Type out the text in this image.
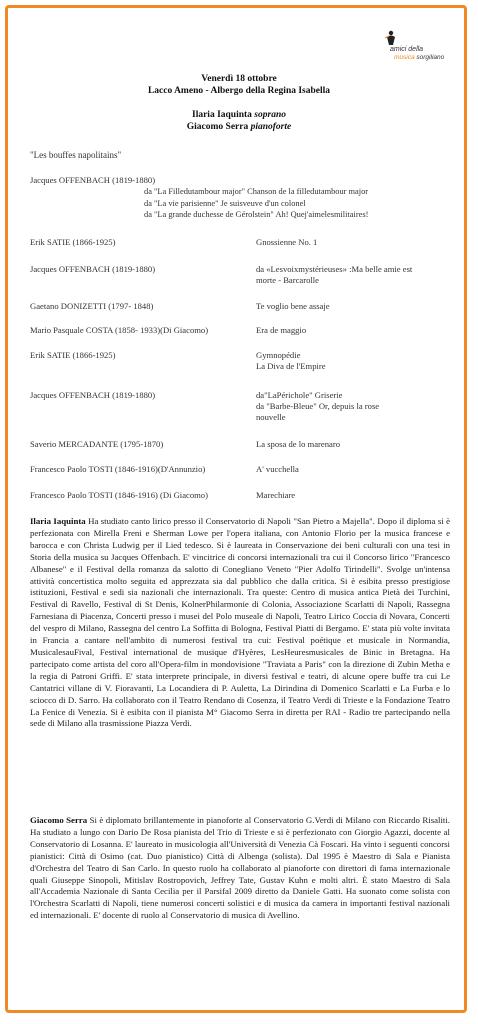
amici della
musica sorgiliano
Venerdì 18 ottobre
Lacco Ameno - Albergo della Regina Isabella
Ilaria Iaquinta soprano
Giacomo Serra pianoforte
"Les bouffes napolitains"
Jacques OFFENBACH (1819-1880)
da "La Filledutambour major" Chanson de la filledutambour major
da "La vie parisienne" Je suisveuve d'un colonel
da "La grande duchesse de Gérolstein" Ah! Quej'aimelesmilitaires!
Erik SATIE (1866-1925)	Gnossienne No. 1
Jacques OFFENBACH (1819-1880)	da «Lesvoixmystérieuses» :Ma belle amie est
morte - Barcarolle
Gaetano DONIZETTI (1797- 1848)	Te voglio bene assaje
Mario Pasquale COSTA (1858- 1933)(Di Giacomo)	Era de maggio
Erik SATIE (1866-1925)	Gymnopédie
La Diva de l'Empire
Jacques OFFENBACH (1819-1880)	da"LaPérichole" Griserie
da "Barbe-Bleue" Or, depuis la rose
nouvelle
Saverio MERCADANTE (1795-1870)	La sposa de lo marenaro
Francesco Paolo TOSTI (1846-1916)(D'Annunzio)	A' vucchella
Francesco Paolo TOSTI (1846-1916) (Di Giacomo)	Marechiare
Ilaria Iaquinta Ha studiato canto lirico presso il Conservatorio di Napoli "San Pietro a Majella". Dopo il diploma si è perfezionata con Mirella Freni e Sherman Lowe per l'opera italiana, con Antonio Florio per la musica francese e barocca e con Christa Ludwig per il Lied tedesco. Si è laureata in Conservazione dei beni culturali con una tesi in Storia della musica su Jacques Offenbach. E' vincitrice di concorsi internazionali tra cui il Concorso lirico "Francesco Albanese" e il Festival della romanza da salotto di Conegliano Veneto "Pier Adolfo Tirindelli". Svolge un'intensa attività concertistica molto seguita ed apprezzata sia dal pubblico che dalla critica. Si è esibita presso prestigiose istituzioni, Festival e sedi sia nazionali che internazionali. Tra queste: Centro di musica antica Pietà dei Turchini, Festival di Ravello, Festival di St Denis, KolnerPhilarmonie di Colonia, Associazione Scarlatti di Napoli, Rassegna Farnesiana di Piacenza, Concerti presso i musei del Polo museale di Napoli, Teatro Lirico Coccia di Novara, Concerti del vespro di Milano, Rassegna del centro La Soffitta di Bologna, Festival Piatti di Bergamo. E' stata più volte invitata in Francia a cantare nell'ambito di numerosi festival tra cui: Festival poétique et musicale in Normandia, MusicalesauFival, Festival international de musique d'Hyères, LesHeuresmusicales de Binic in Bretagna. Ha partecipato come artista del coro all'Opera-film in mondovisione "Traviata a Paris" con la direzione di Zubin Metha e la regia di Patroni Griffi. E' stata interprete principale, in diversi festival e teatri, di alcune opere buffe tra cui Le Cantatrici villane di V. Fioravanti, La Locandiera di P. Auletta, La Dirindina di Domenico Scarlatti e La Furba e lo sciocco di D. Sarro. Ha collaborato con il Teatro Rendano di Cosenza, il Teatro Verdi di Trieste e la Fondazione Teatro La Fenice di Venezia. Si è esibita con il pianista M° Giacomo Serra in diretta per RAI - Radio tre partecipando nella sede di Milano alla trasmissione Piazza Verdi.
Giacomo Serra Si è diplomato brillantemente in pianoforte al Conservatorio G.Verdi di Milano con Riccardo Risaliti. Ha studiato a lungo con Dario De Rosa pianista del Trio di Trieste e si è perfezionato con Giorgio Agazzi, docente al Conservatorio di Losanna. E' laureato in musicologia all'Università di Venezia Cà Foscari. Ha vinto i seguenti concorsi pianistici: Città di Osimo (cat. Duo pianistico) Città di Albenga (solista). Dal 1995 è Maestro di Sala e Pianista d'Orchestra del Teatro di San Carlo. In questo ruolo ha collaborato al pianoforte con direttori di fama internazionale quali Giuseppe Sinopoli, Mitislav Rostropovich, Jeffrey Tate, Gustav Kuhn e molti altri. È stato Maestro di Sala all'Accademia Nazionale di Santa Cecilia per il Parsifal 2009 diretto da Daniele Gatti. Ha suonato come solista con l'Orchestra Scarlatti di Napoli, tiene numerosi concerti solistici e di musica da camera in importanti festival nazionali ed internazionali. E' docente di ruolo al Conservatorio di musica di Avellino.
